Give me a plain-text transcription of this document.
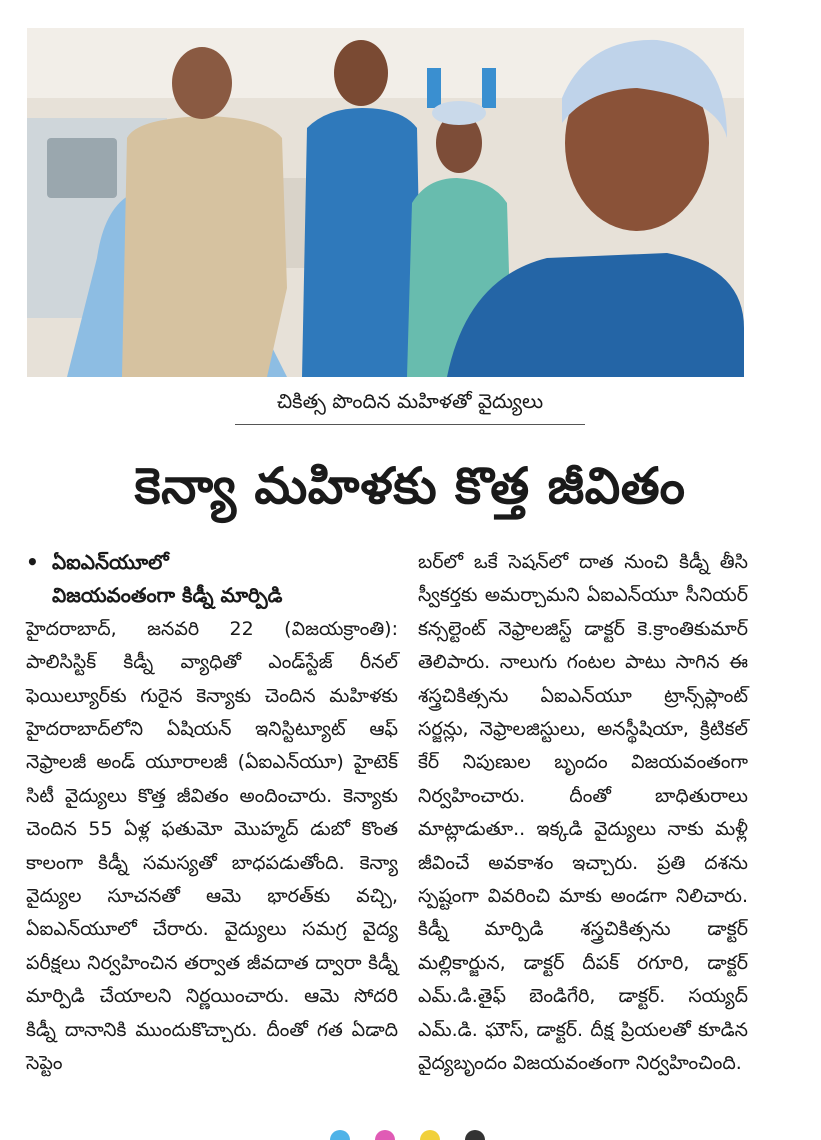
చికిత్స పొందిన మహిళతో వైద్యులు
కెన్యా మహిళకు కొత్త జీవితం
• ఏఐఎన్‌యూలో
విజయవంతంగా కిడ్నీ మార్పిడి

హైదరాబాద్, జనవరి 22 (విజయక్రాంతి): పాలిసిస్టిక్ కిడ్నీ వ్యాధితో ఎండ్‌స్టేజ్ రీనల్ ఫెయిల్యూర్‌కు గురైన కెన్యాకు చెందిన మహిళకు హైదరాబాద్‌లోని ఏషియన్ ఇనిస్టిట్యూట్ ఆఫ్ నెఫ్రాలజీ అండ్ యూరాలజీ (ఏఐఎన్‌యూ) హైటెక్ సిటీ వైద్యులు కొత్త జీవితం అందించారు. కెన్యాకు చెందిన 55 ఏళ్ల ఫతుమో మొహ్మద్ డుబో కొంత కాలంగా కిడ్నీ సమస్యతో బాధపడుతోంది. కెన్యా వైద్యుల సూచనతో ఆమె భారత్‌కు వచ్చి, ఏఐఎన్‌యూలో చేరారు. వైద్యులు సమగ్ర వైద్య పరీక్షలు నిర్వహించిన తర్వాత జీవదాత ద్వారా కిడ్నీ మార్పిడి చేయాలని నిర్ణయించారు. ఆమె సోదరి కిడ్నీ దానానికి ముందుకొచ్చారు. దీంతో గత ఏడాది సెప్టెం

బర్‌లో ఒకే సెషన్‌లో దాత నుంచి కిడ్నీ తీసి స్వీకర్తకు అమర్చామని ఏఐఎన్‌యూ సీనియర్ కన్సల్టెంట్ నెఫ్రాలజిస్ట్ డాక్టర్ కె.క్రాంతికుమార్ తెలిపారు. నాలుగు గంటల పాటు సాగిన ఈ శస్త్రచికిత్సను ఏఐఎన్‌యూ ట్రాన్స్‌ప్లాంట్ సర్జన్లు, నెఫ్రాలజిస్టులు, అనస్థీషియా, క్రిటికల్ కేర్ నిపుణుల బృందం విజయవంతంగా నిర్వహించారు. దీంతో బాధితురాలు మాట్లాడుతూ.. ఇక్కడి వైద్యులు నాకు మళ్లీ జీవించే అవకాశం ఇచ్చారు. ప్రతి దశను స్పష్టంగా వివరించి మాకు అండగా నిలిచారు. కిడ్నీ మార్పిడి శస్త్రచికిత్సను డాక్టర్ మల్లికార్జున, డాక్టర్ దీపక్ రగూరి, డాక్టర్ ఎమ్.డి.తైఫ్ బెండిగేరి, డాక్టర్. సయ్యద్ ఎమ్.డి. ఘౌస్, డాక్టర్. దీక్ష ప్రియలతో కూడిన వైద్యబృందం విజయవంతంగా నిర్వహించింది.
